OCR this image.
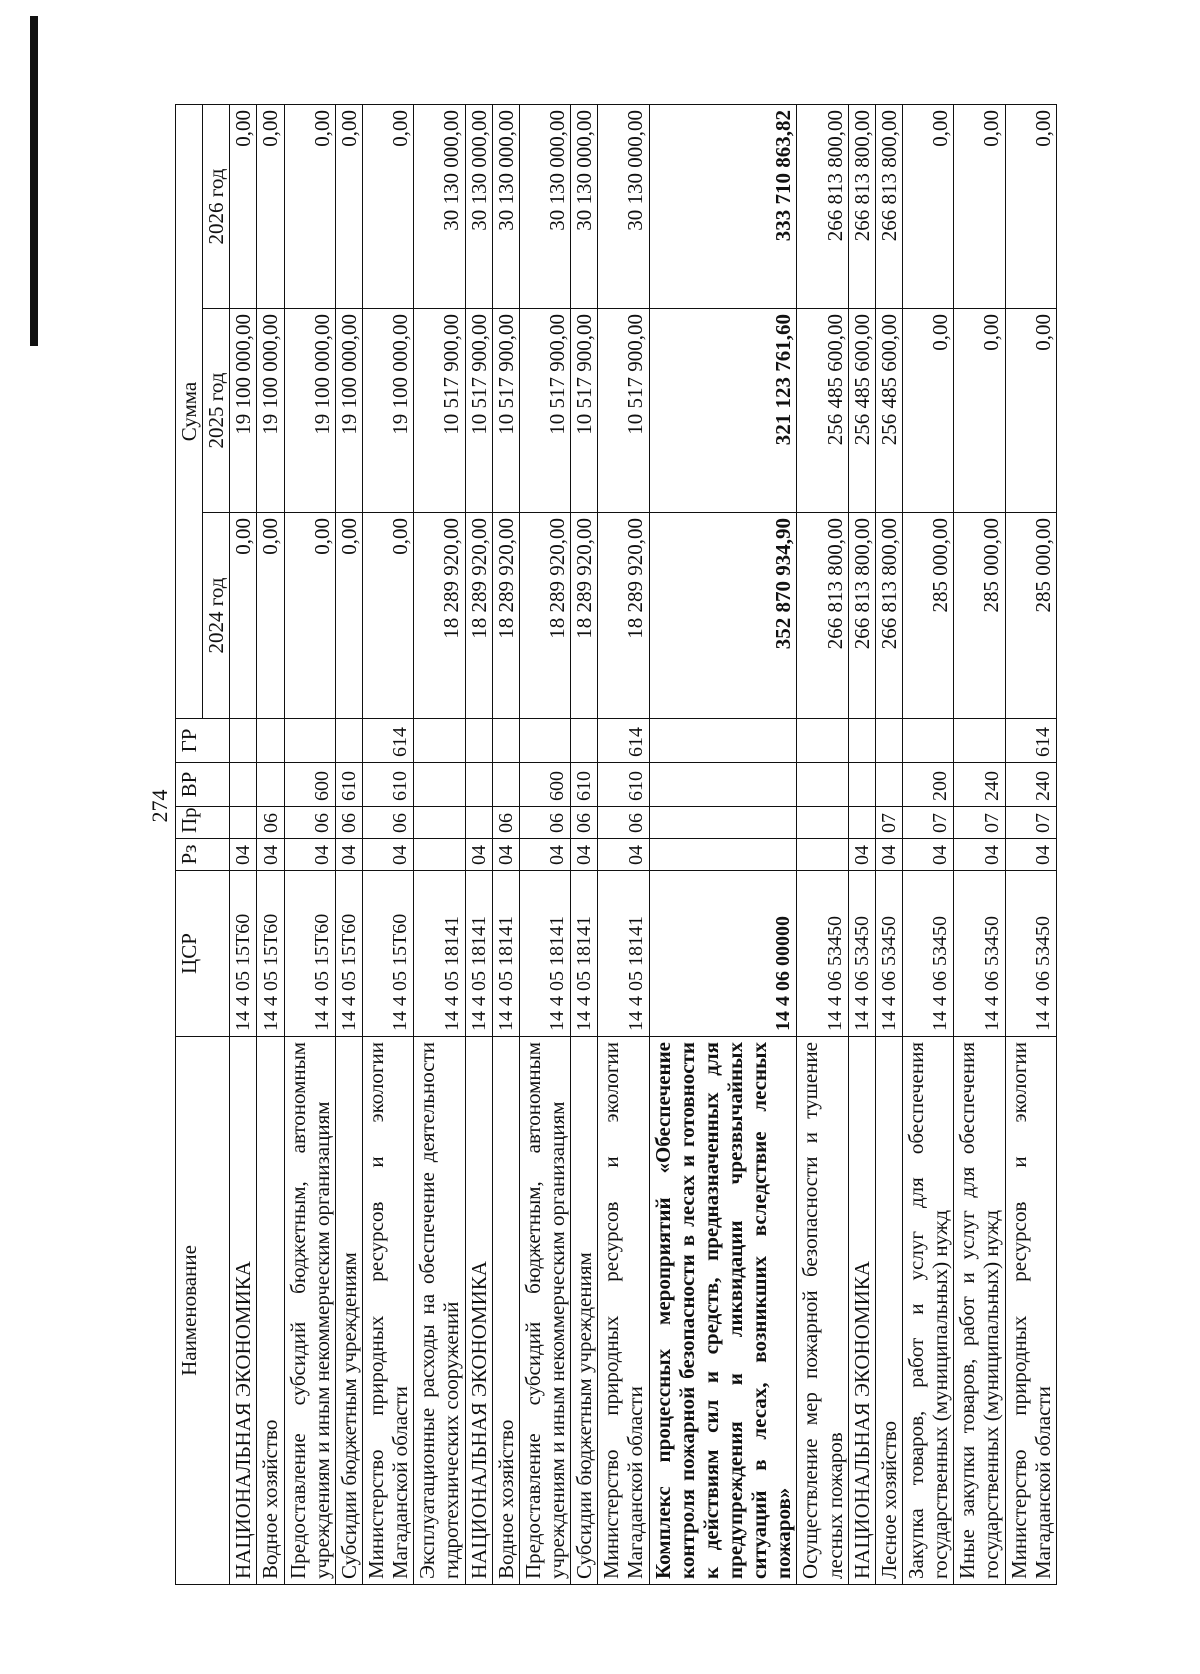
274
Наименование	ЦСР	Рз	Пр	ВР	ГР	Сумма		
						2024 год	2025 год	2026 год
НАЦИОНАЛЬНАЯ ЭКОНОМИКА	14 4 05 15Т60	04				0,00	19 100 000,00	0,00
Водное хозяйство	14 4 05 15Т60	04	06			0,00	19 100 000,00	0,00
Предоставление субсидий бюджетным, автономным учреждениям и иным некоммерческим организациям	14 4 05 15Т60	04	06	600		0,00	19 100 000,00	0,00
Субсидии бюджетным учреждениям	14 4 05 15Т60	04	06	610		0,00	19 100 000,00	0,00
Министерство природных ресурсов и экологии Магаданской области	14 4 05 15Т60	04	06	610	614	0,00	19 100 000,00	0,00
Эксплуатационные расходы на обеспечение деятельности гидротехнических сооружений	14 4 05 18141					18 289 920,00	10 517 900,00	30 130 000,00
НАЦИОНАЛЬНАЯ ЭКОНОМИКА	14 4 05 18141	04				18 289 920,00	10 517 900,00	30 130 000,00
Водное хозяйство	14 4 05 18141	04	06			18 289 920,00	10 517 900,00	30 130 000,00
Предоставление субсидий бюджетным, автономным учреждениям и иным некоммерческим организациям	14 4 05 18141	04	06	600		18 289 920,00	10 517 900,00	30 130 000,00
Субсидии бюджетным учреждениям	14 4 05 18141	04	06	610		18 289 920,00	10 517 900,00	30 130 000,00
Министерство природных ресурсов и экологии Магаданской области	14 4 05 18141	04	06	610	614	18 289 920,00	10 517 900,00	30 130 000,00
Комплекс процессных мероприятий «Обеспечение контроля пожарной безопасности в лесах и готовности к действиям сил и средств, предназначенных для предупреждения и ликвидации чрезвычайных ситуаций в лесах, возникших вследствие лесных пожаров»	14 4 06 00000					352 870 934,90	321 123 761,60	333 710 863,82
Осуществление мер пожарной безопасности и тушение лесных пожаров	14 4 06 53450					266 813 800,00	256 485 600,00	266 813 800,00
НАЦИОНАЛЬНАЯ ЭКОНОМИКА	14 4 06 53450	04				266 813 800,00	256 485 600,00	266 813 800,00
Лесное хозяйство	14 4 06 53450	04	07			266 813 800,00	256 485 600,00	266 813 800,00
Закупка товаров, работ и услуг для обеспечения государственных (муниципальных) нужд	14 4 06 53450	04	07	200		285 000,00	0,00	0,00
Иные закупки товаров, работ и услуг для обеспечения государственных (муниципальных) нужд	14 4 06 53450	04	07	240		285 000,00	0,00	0,00
Министерство природных ресурсов и экологии Магаданской области	14 4 06 53450	04	07	240	614	285 000,00	0,00	0,00
